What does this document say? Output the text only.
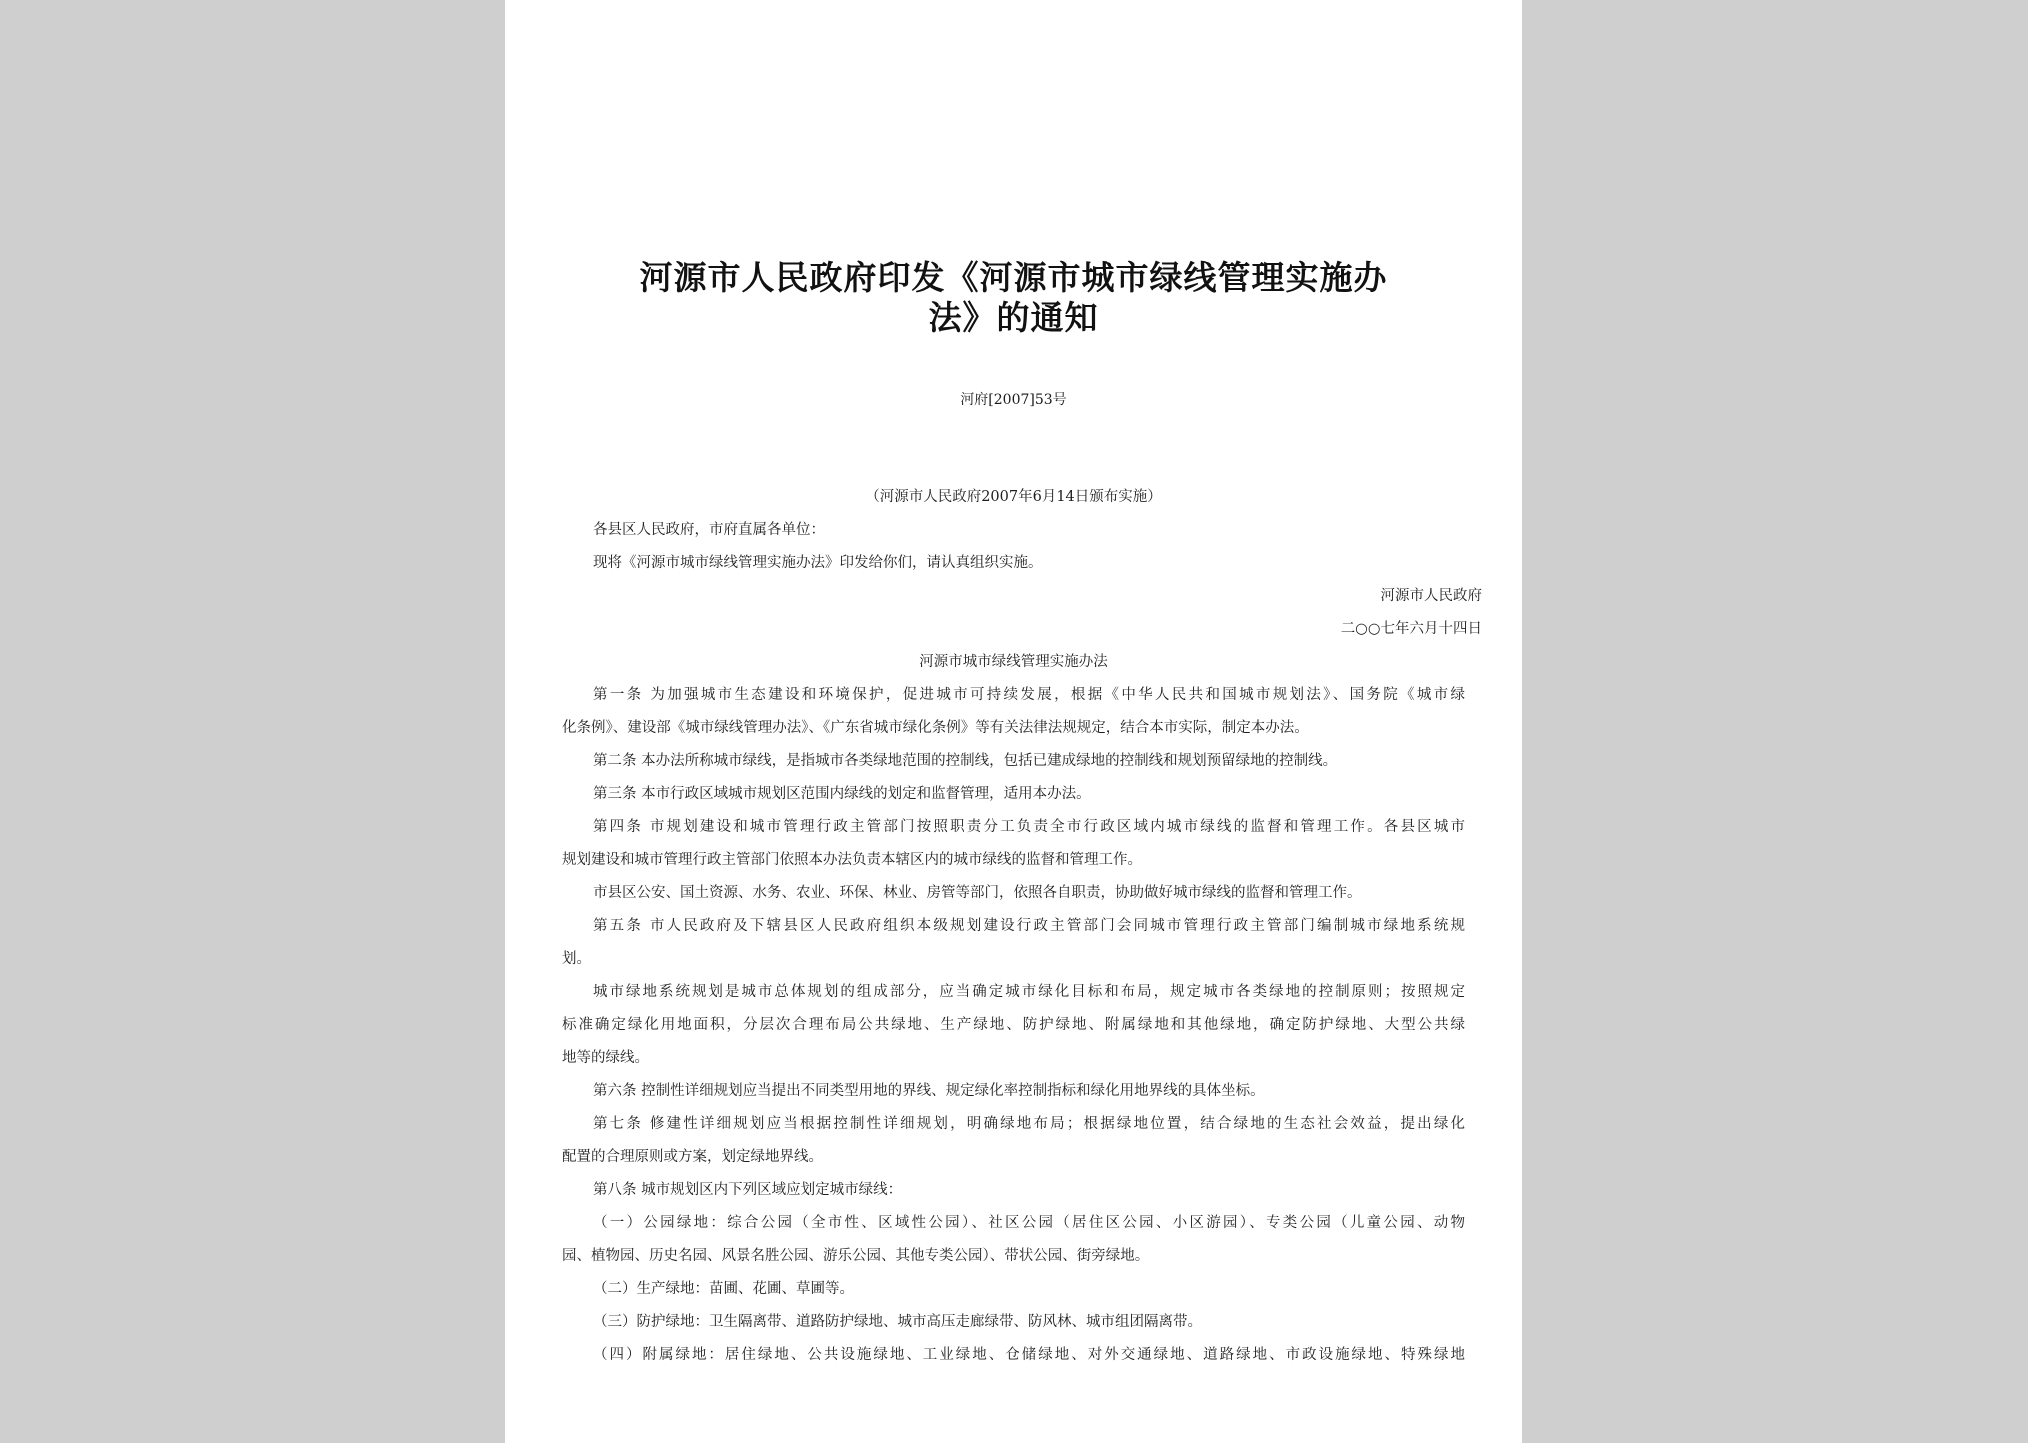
河源市人民政府印发《河源市城市绿线管理实施办
法》的通知
河府[2007]53号
（河源市人民政府2007年6月14日颁布实施）
各县区人民政府，市府直属各单位：
现将《河源市城市绿线管理实施办法》印发给你们，请认真组织实施。
河源市人民政府
二○○七年六月十四日
河源市城市绿线管理实施办法
第一条 为加强城市生态建设和环境保护，促进城市可持续发展，根据《中华人民共和国城市规划法》、国务院《城市绿
化条例》、建设部《城市绿线管理办法》、《广东省城市绿化条例》等有关法律法规规定，结合本市实际，制定本办法。
第二条 本办法所称城市绿线，是指城市各类绿地范围的控制线，包括已建成绿地的控制线和规划预留绿地的控制线。
第三条 本市行政区域城市规划区范围内绿线的划定和监督管理，适用本办法。
第四条 市规划建设和城市管理行政主管部门按照职责分工负责全市行政区域内城市绿线的监督和管理工作。各县区城市
规划建设和城市管理行政主管部门依照本办法负责本辖区内的城市绿线的监督和管理工作。
市县区公安、国土资源、水务、农业、环保、林业、房管等部门，依照各自职责，协助做好城市绿线的监督和管理工作。
第五条 市人民政府及下辖县区人民政府组织本级规划建设行政主管部门会同城市管理行政主管部门编制城市绿地系统规
划。
城市绿地系统规划是城市总体规划的组成部分，应当确定城市绿化目标和布局，规定城市各类绿地的控制原则；按照规定
标准确定绿化用地面积，分层次合理布局公共绿地、生产绿地、防护绿地、附属绿地和其他绿地，确定防护绿地、大型公共绿
地等的绿线。
第六条 控制性详细规划应当提出不同类型用地的界线、规定绿化率控制指标和绿化用地界线的具体坐标。
第七条 修建性详细规划应当根据控制性详细规划，明确绿地布局；根据绿地位置，结合绿地的生态社会效益，提出绿化
配置的合理原则或方案，划定绿地界线。
第八条 城市规划区内下列区域应划定城市绿线：
（一）公园绿地：综合公园（全市性、区域性公园）、社区公园（居住区公园、小区游园）、专类公园（儿童公园、动物
园、植物园、历史名园、风景名胜公园、游乐公园、其他专类公园）、带状公园、街旁绿地。
（二）生产绿地：苗圃、花圃、草圃等。
（三）防护绿地：卫生隔离带、道路防护绿地、城市高压走廊绿带、防风林、城市组团隔离带。
（四）附属绿地：居住绿地、公共设施绿地、工业绿地、仓储绿地、对外交通绿地、道路绿地、市政设施绿地、特殊绿地
